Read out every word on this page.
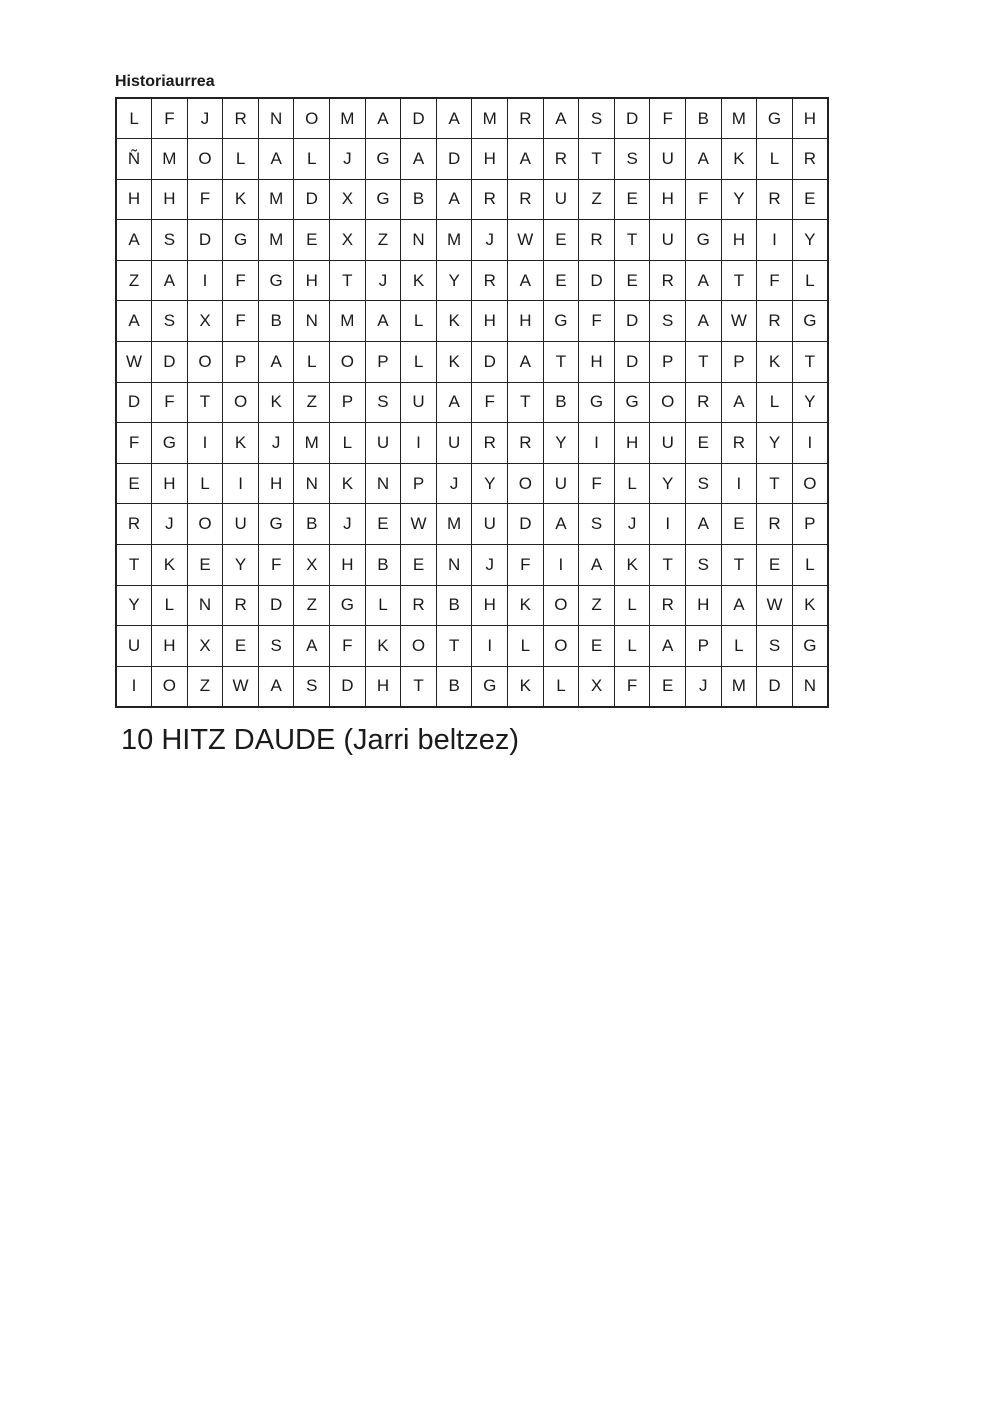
Historiaurrea
L	F	J	R	N	O	M	A	D	A	M	R	A	S	D	F	B	M	G	H
Ñ	M	O	L	A	L	J	G	A	D	H	A	R	T	S	U	A	K	L	R
H	H	F	K	M	D	X	G	B	A	R	R	U	Z	E	H	F	Y	R	E
A	S	D	G	M	E	X	Z	N	M	J	W	E	R	T	U	G	H	I	Y
Z	A	I	F	G	H	T	J	K	Y	R	A	E	D	E	R	A	T	F	L
A	S	X	F	B	N	M	A	L	K	H	H	G	F	D	S	A	W	R	G
W	D	O	P	A	L	O	P	L	K	D	A	T	H	D	P	T	P	K	T
D	F	T	O	K	Z	P	S	U	A	F	T	B	G	G	O	R	A	L	Y
F	G	I	K	J	M	L	U	I	U	R	R	Y	I	H	U	E	R	Y	I
E	H	L	I	H	N	K	N	P	J	Y	O	U	F	L	Y	S	I	T	O
R	J	O	U	G	B	J	E	W	M	U	D	A	S	J	I	A	E	R	P
T	K	E	Y	F	X	H	B	E	N	J	F	I	A	K	T	S	T	E	L
Y	L	N	R	D	Z	G	L	R	B	H	K	O	Z	L	R	H	A	W	K
U	H	X	E	S	A	F	K	O	T	I	L	O	E	L	A	P	L	S	G
I	O	Z	W	A	S	D	H	T	B	G	K	L	X	F	E	J	M	D	N
10 HITZ DAUDE (Jarri beltzez)
